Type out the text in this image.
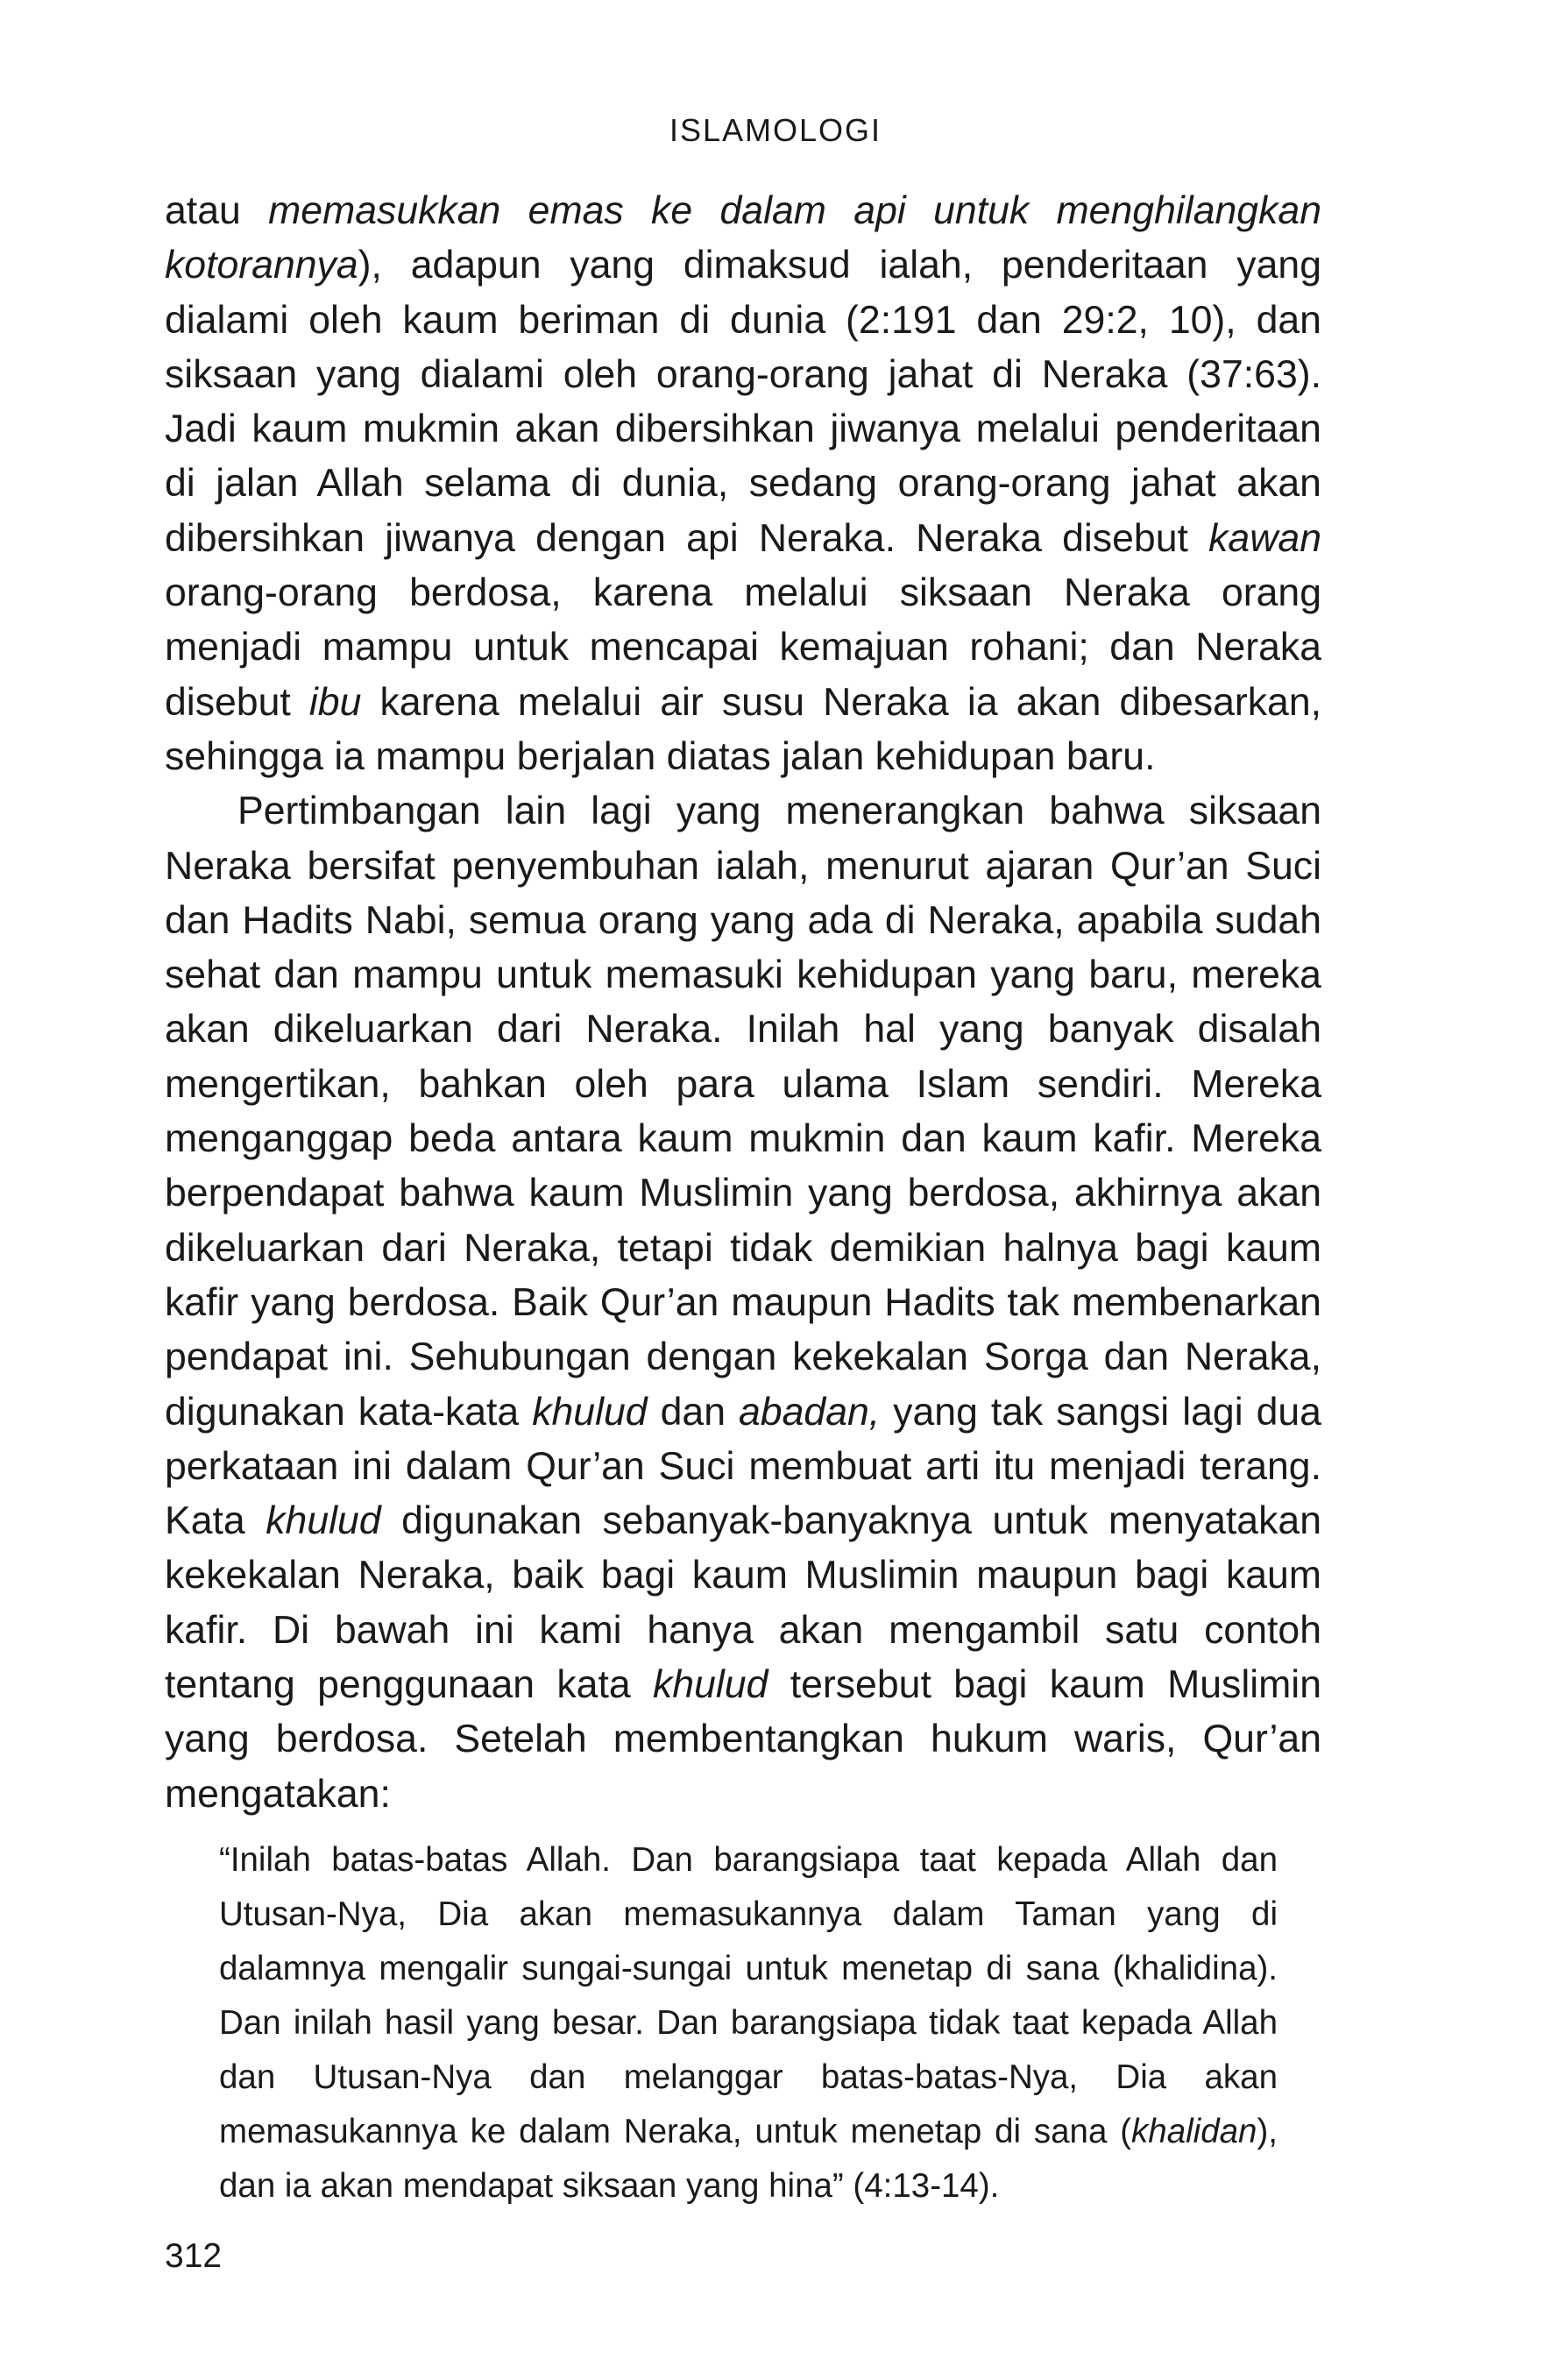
ISLAMOLOGI

atau memasukkan emas ke dalam api untuk menghilangkan kotorannya), adapun yang dimaksud ialah, penderitaan yang dialami oleh kaum beriman di dunia (2:191 dan 29:2, 10), dan siksaan yang dialami oleh orang-orang jahat di Neraka (37:63). Jadi kaum mukmin akan dibersihkan jiwanya melalui penderitaan di jalan Allah selama di dunia, sedang orang-orang jahat akan dibersihkan jiwanya dengan api Neraka. Neraka disebut kawan orang-orang berdosa, karena melalui siksaan Neraka orang menjadi mampu untuk mencapai kemajuan rohani; dan Neraka disebut ibu karena melalui air susu Neraka ia akan dibesarkan, sehingga ia mampu berjalan diatas jalan kehidupan baru.

Pertimbangan lain lagi yang menerangkan bahwa siksaan Neraka bersifat penyembuhan ialah, menurut ajaran Qur’an Suci dan Hadits Nabi, semua orang yang ada di Neraka, apabila sudah sehat dan mampu untuk memasuki kehidupan yang baru, mereka akan dikeluarkan dari Neraka. Inilah hal yang banyak disalah mengertikan, bahkan oleh para ulama Islam sendiri. Mereka menganggap beda antara kaum mukmin dan kaum kafir. Mereka berpendapat bahwa kaum Muslimin yang berdosa, akhirnya akan dikeluarkan dari Neraka, tetapi tidak demikian halnya bagi kaum kafir yang berdosa. Baik Qur’an maupun Hadits tak membenarkan pendapat ini. Sehubungan dengan kekekalan Sorga dan Neraka, digunakan kata-kata khulud dan abadan, yang tak sangsi lagi dua perkataan ini dalam Qur’an Suci membuat arti itu menjadi terang. Kata khulud digunakan sebanyak-banyaknya untuk menyatakan kekekalan Neraka, baik bagi kaum Muslimin maupun bagi kaum kafir. Di bawah ini kami hanya akan mengambil satu contoh tentang penggunaan kata khulud tersebut bagi kaum Muslimin yang berdosa. Setelah membentangkan hukum waris, Qur’an mengatakan:

“Inilah batas-batas Allah. Dan barangsiapa taat kepada Allah dan Utusan-Nya, Dia akan memasukannya dalam Taman yang di dalamnya mengalir sungai-sungai untuk menetap di sana (khalidina). Dan inilah hasil yang besar. Dan barangsiapa tidak taat kepada Allah dan Utusan-Nya dan melanggar batas-batas-Nya, Dia akan memasukannya ke dalam Neraka, untuk menetap di sana (khalidan), dan ia akan mendapat siksaan yang hina” (4:13-14).

312
